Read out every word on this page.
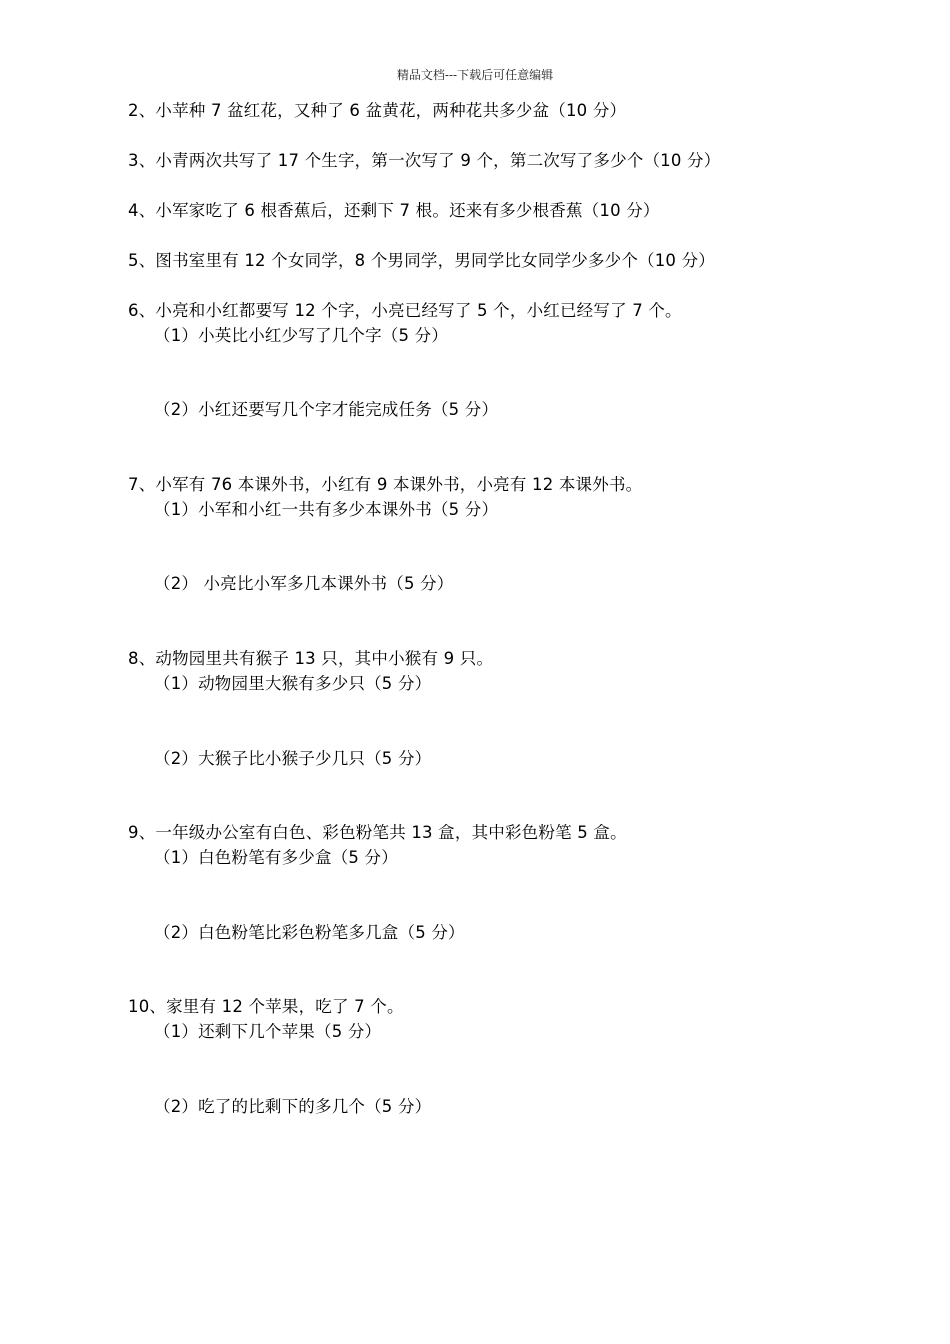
精品文档---下载后可任意编辑
2、小苹种 7 盆红花，又种了 6 盆黄花，两种花共多少盆（10 分）
3、小青两次共写了 17 个生字，第一次写了 9 个，第二次写了多少个（10 分）
4、小军家吃了 6 根香蕉后，还剩下 7 根。还来有多少根香蕉（10 分）
5、图书室里有 12 个女同学，8 个男同学，男同学比女同学少多少个（10 分）
6、小亮和小红都要写 12 个字，小亮已经写了 5 个，小红已经写了 7 个。
（1）小英比小红少写了几个字（5 分）
（2）小红还要写几个字才能完成任务（5 分）
7、小军有 76 本课外书，小红有 9 本课外书，小亮有 12 本课外书。
（1）小军和小红一共有多少本课外书（5 分）
（2） 小亮比小军多几本课外书（5 分）
8、动物园里共有猴子 13 只，其中小猴有 9 只。
（1）动物园里大猴有多少只（5 分）
（2）大猴子比小猴子少几只（5 分）
9、一年级办公室有白色、彩色粉笔共 13 盒，其中彩色粉笔 5 盒。
（1）白色粉笔有多少盒（5 分）
（2）白色粉笔比彩色粉笔多几盒（5 分）
10、家里有 12 个苹果，吃了 7 个。
（1）还剩下几个苹果（5 分）
（2）吃了的比剩下的多几个（5 分）
